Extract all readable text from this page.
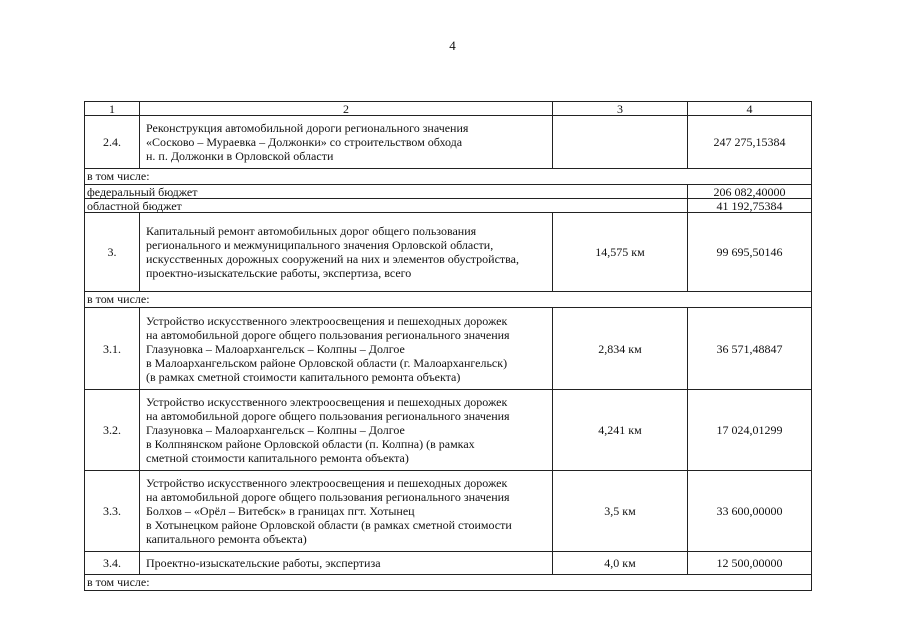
4
1	2	3	4
2.4.	Реконструкция автомобильной дороги регионального значения
«Сосково – Мураевка – Должонки» со строительством обхода
н. п. Должонки в Орловской области		247 275,15384
в том числе:			
федеральный бюджет			206 082,40000
областной бюджет			41 192,75384
3.	Капитальный ремонт автомобильных дорог общего пользования
регионального и межмуниципального значения Орловской области,
искусственных дорожных сооружений на них и элементов обустройства,
проектно-изыскательские работы, экспертиза, всего	14,575 км	99 695,50146
в том числе:			
3.1.	Устройство искусственного электроосвещения и пешеходных дорожек
на автомобильной дороге общего пользования регионального значения
Глазуновка – Малоархангельск – Колпны – Долгое
в Малоархангельском районе Орловской области (г. Малоархангельск)
(в рамках сметной стоимости капитального ремонта объекта)	2,834 км	36 571,48847
3.2.	Устройство искусственного электроосвещения и пешеходных дорожек
на автомобильной дороге общего пользования регионального значения
Глазуновка – Малоархангельск – Колпны – Долгое
в Колпнянском районе Орловской области (п. Колпна) (в рамках
сметной стоимости капитального ремонта объекта)	4,241 км	17 024,01299
3.3.	Устройство искусственного электроосвещения и пешеходных дорожек
на автомобильной дороге общего пользования регионального значения
Болхов – «Орёл – Витебск» в границах пгт. Хотынец
в Хотынецком районе Орловской области (в рамках сметной стоимости
капитального ремонта объекта)	3,5 км	33 600,00000
3.4.	Проектно-изыскательские работы, экспертиза	4,0 км	12 500,00000
в том числе:			
